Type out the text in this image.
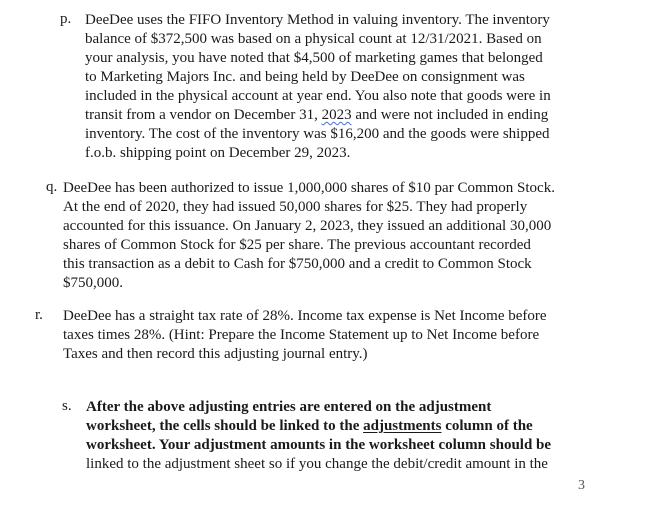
p. DeeDee uses the FIFO Inventory Method in valuing inventory. The inventory
balance of $372,500 was based on a physical count at 12/31/2021. Based on
your analysis, you have noted that $4,500 of marketing games that belonged
to Marketing Majors Inc. and being held by DeeDee on consignment was
included in the physical account at year end. You also note that goods were in
transit from a vendor on December 31, 2023 and were not included in ending
inventory. The cost of the inventory was $16,200 and the goods were shipped
f.o.b. shipping point on December 29, 2023.
q. DeeDee has been authorized to issue 1,000,000 shares of $10 par Common Stock.
At the end of 2020, they had issued 50,000 shares for $25. They had properly
accounted for this issuance. On January 2, 2023, they issued an additional 30,000
shares of Common Stock for $25 per share. The previous accountant recorded
this transaction as a debit to Cash for $750,000 and a credit to Common Stock
$750,000.
r. DeeDee has a straight tax rate of 28%. Income tax expense is Net Income before
taxes times 28%. (Hint: Prepare the Income Statement up to Net Income before
Taxes and then record this adjusting journal entry.)
s. After the above adjusting entries are entered on the adjustment
worksheet, the cells should be linked to the adjustments column of the
worksheet. Your adjustment amounts in the worksheet column should be
linked to the adjustment sheet so if you change the debit/credit amount in the
3
